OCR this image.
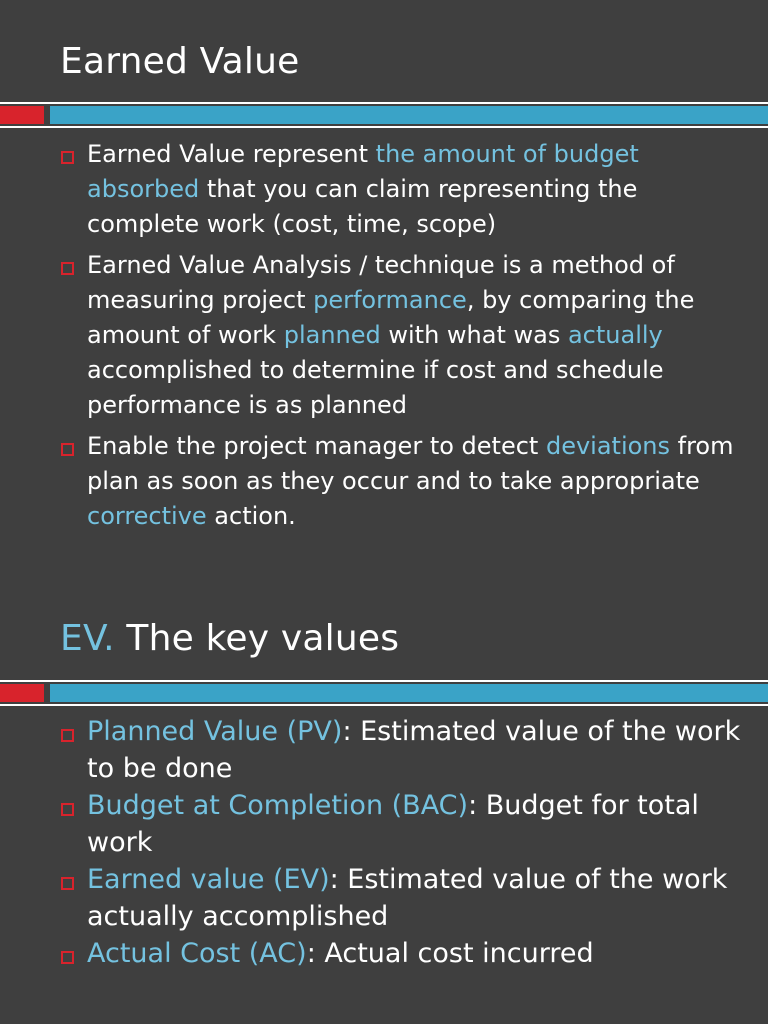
Earned Value
Earned Value represent the amount of budget absorbed that you can claim representing the complete work (cost, time, scope)
Earned Value Analysis / technique is a method of measuring project performance, by comparing the amount of work planned with what was actually accomplished to determine if cost and schedule performance is as planned
Enable the project manager to detect deviations from plan as soon as they occur and to take appropriate corrective action.
EV. The key values
Planned Value (PV): Estimated value of the work to be done
Budget at Completion (BAC): Budget for total work
Earned value (EV): Estimated value of the work actually accomplished
Actual Cost (AC): Actual cost incurred
